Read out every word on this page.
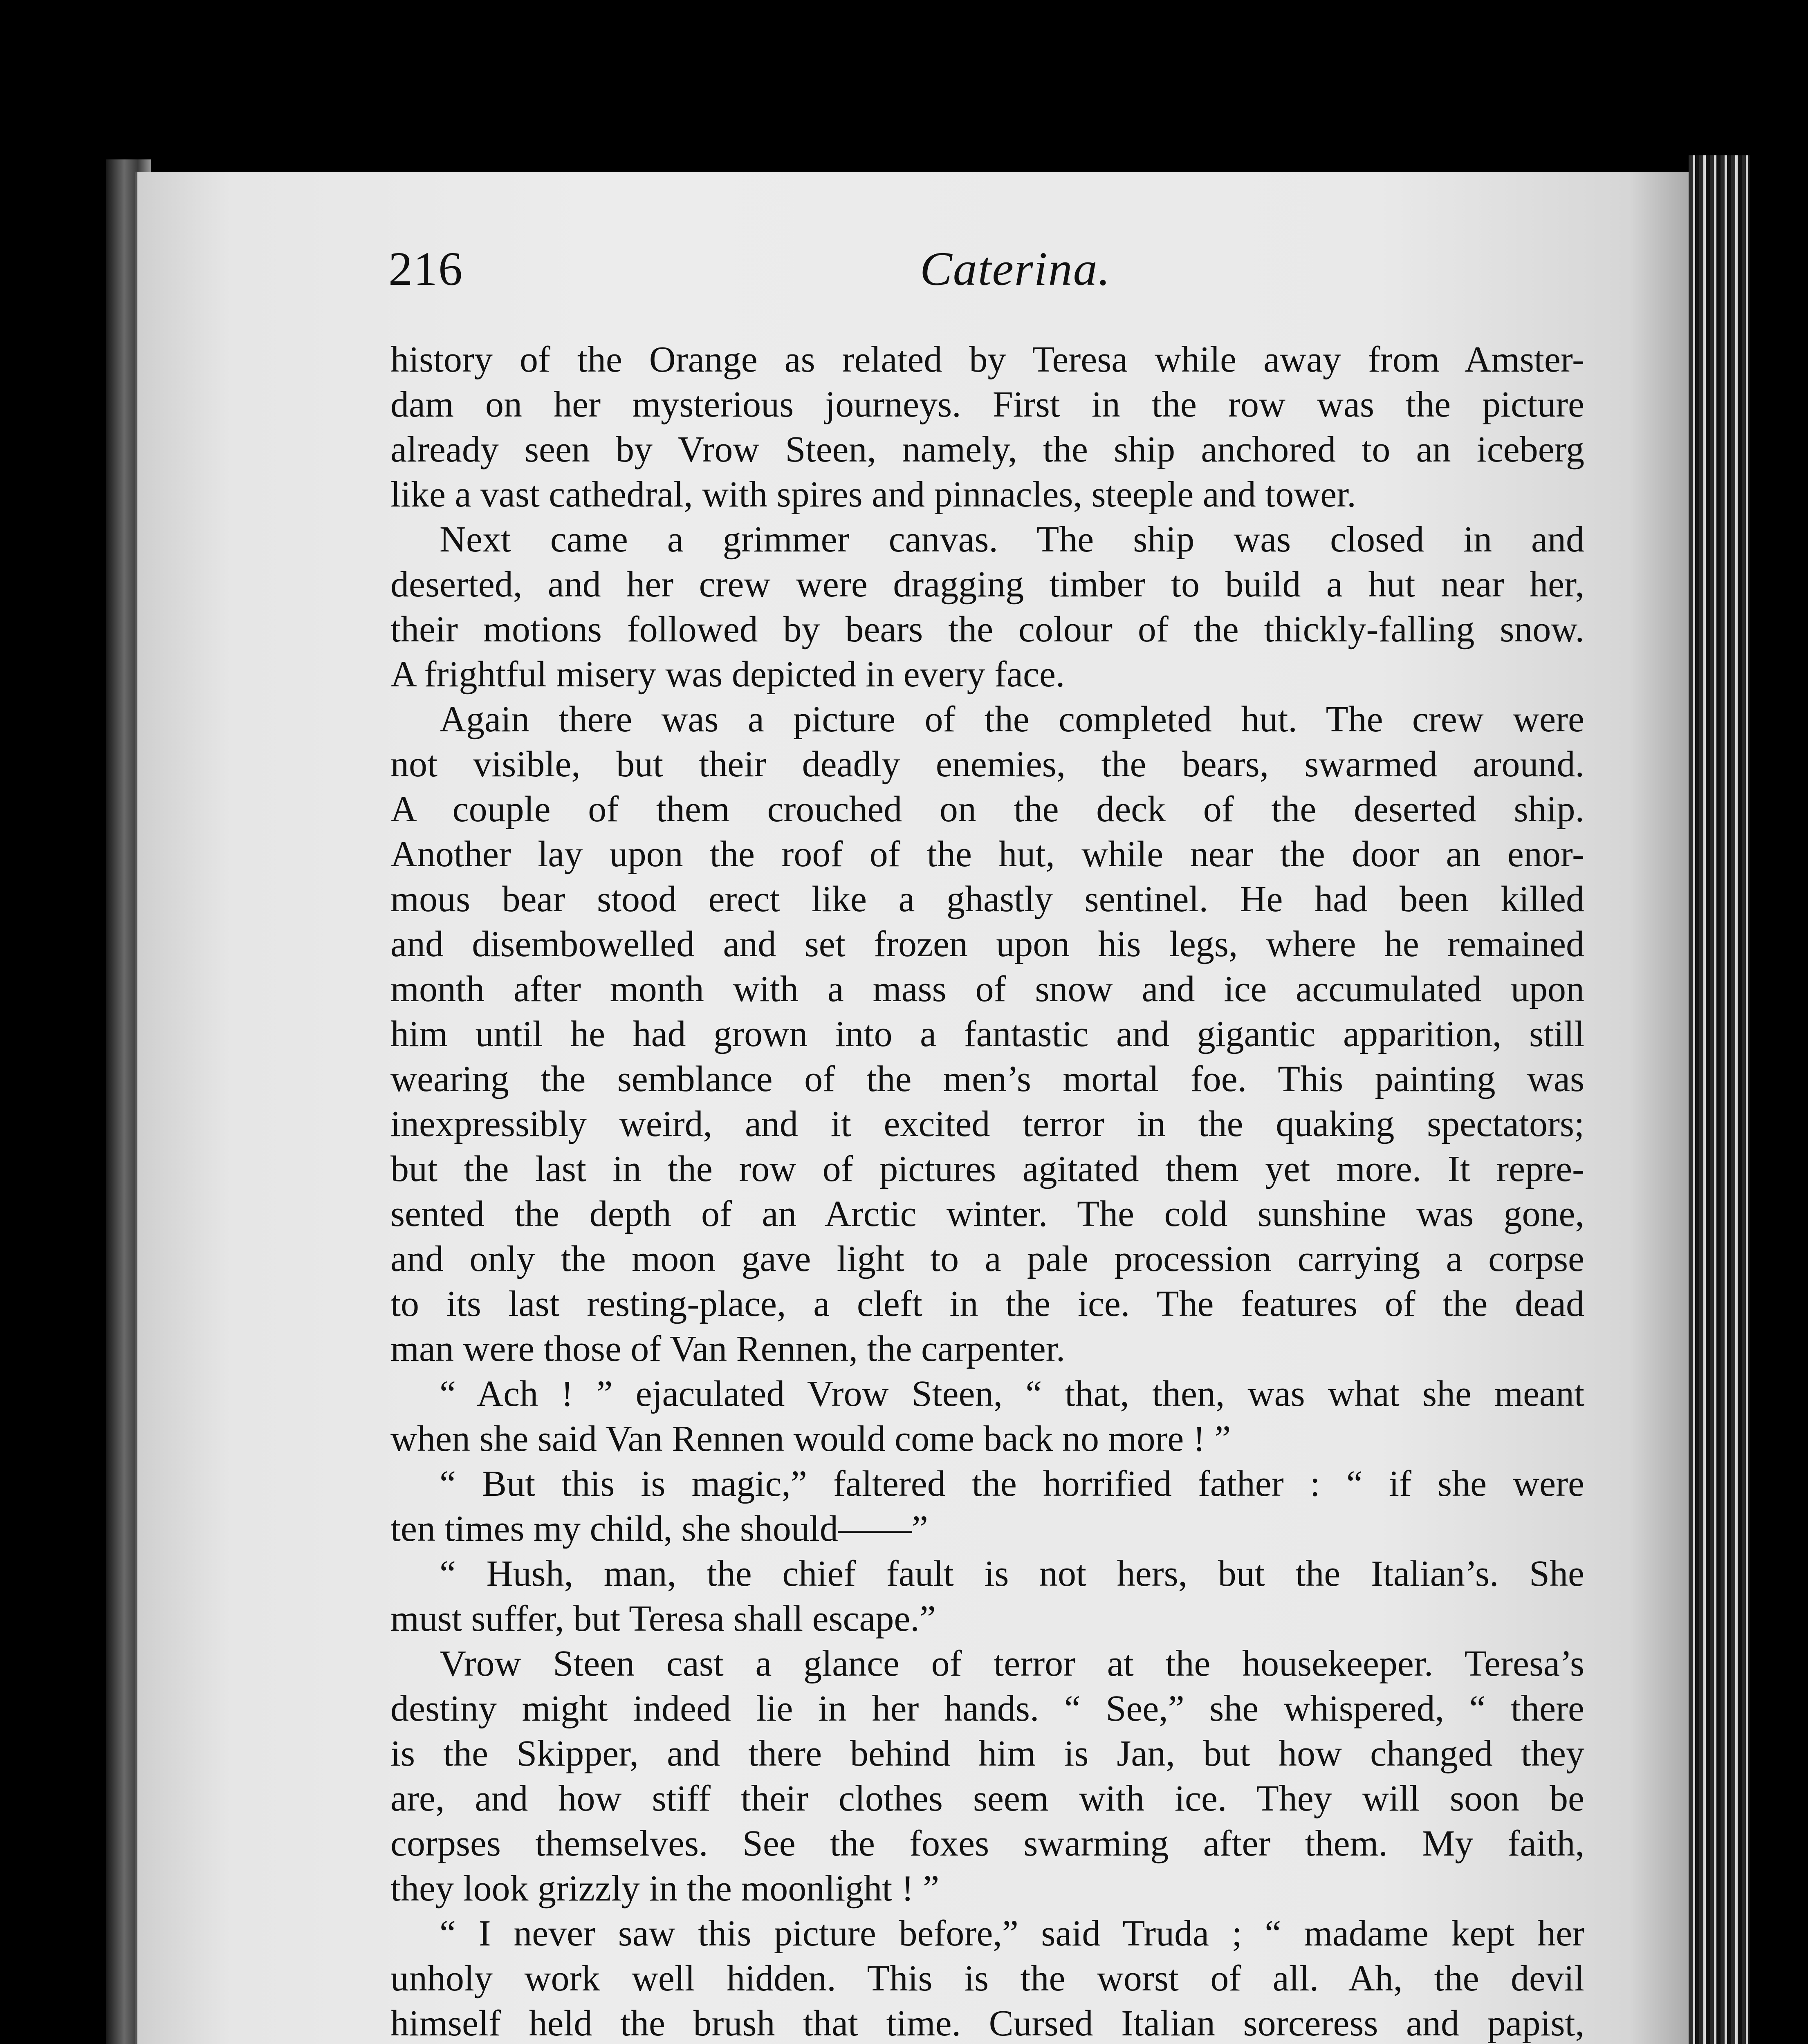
216	Caterina.
history of the Orange as related by Teresa while away from Amster-
dam on her mysterious journeys. First in the row was the picture
already seen by Vrow Steen, namely, the ship anchored to an iceberg
like a vast cathedral, with spires and pinnacles, steeple and tower.
Next came a grimmer canvas. The ship was closed in and
deserted, and her crew were dragging timber to build a hut near her,
their motions followed by bears the colour of the thickly-falling snow.
A frightful misery was depicted in every face.
Again there was a picture of the completed hut. The crew were
not visible, but their deadly enemies, the bears, swarmed around.
A couple of them crouched on the deck of the deserted ship.
Another lay upon the roof of the hut, while near the door an enor-
mous bear stood erect like a ghastly sentinel. He had been killed
and disembowelled and set frozen upon his legs, where he remained
month after month with a mass of snow and ice accumulated upon
him until he had grown into a fantastic and gigantic apparition, still
wearing the semblance of the men’s mortal foe. This painting was
inexpressibly weird, and it excited terror in the quaking spectators;
but the last in the row of pictures agitated them yet more. It repre-
sented the depth of an Arctic winter. The cold sunshine was gone,
and only the moon gave light to a pale procession carrying a corpse
to its last resting-place, a cleft in the ice. The features of the dead
man were those of Van Rennen, the carpenter.
“ Ach ! ” ejaculated Vrow Steen, “ that, then, was what she meant
when she said Van Rennen would come back no more ! ”
“ But this is magic,” faltered the horrified father : “ if she were
ten times my child, she should——”
“ Hush, man, the chief fault is not hers, but the Italian’s. She
must suffer, but Teresa shall escape.”
Vrow Steen cast a glance of terror at the housekeeper. Teresa’s
destiny might indeed lie in her hands. “ See,” she whispered, “ there
is the Skipper, and there behind him is Jan, but how changed they
are, and how stiff their clothes seem with ice. They will soon be
corpses themselves. See the foxes swarming after them. My faith,
they look grizzly in the moonlight ! ”
“ I never saw this picture before,” said Truda ; “ madame kept her
unholy work well hidden. This is the worst of all. Ah, the devil
himself held the brush that time. Cursed Italian sorceress and papist,
